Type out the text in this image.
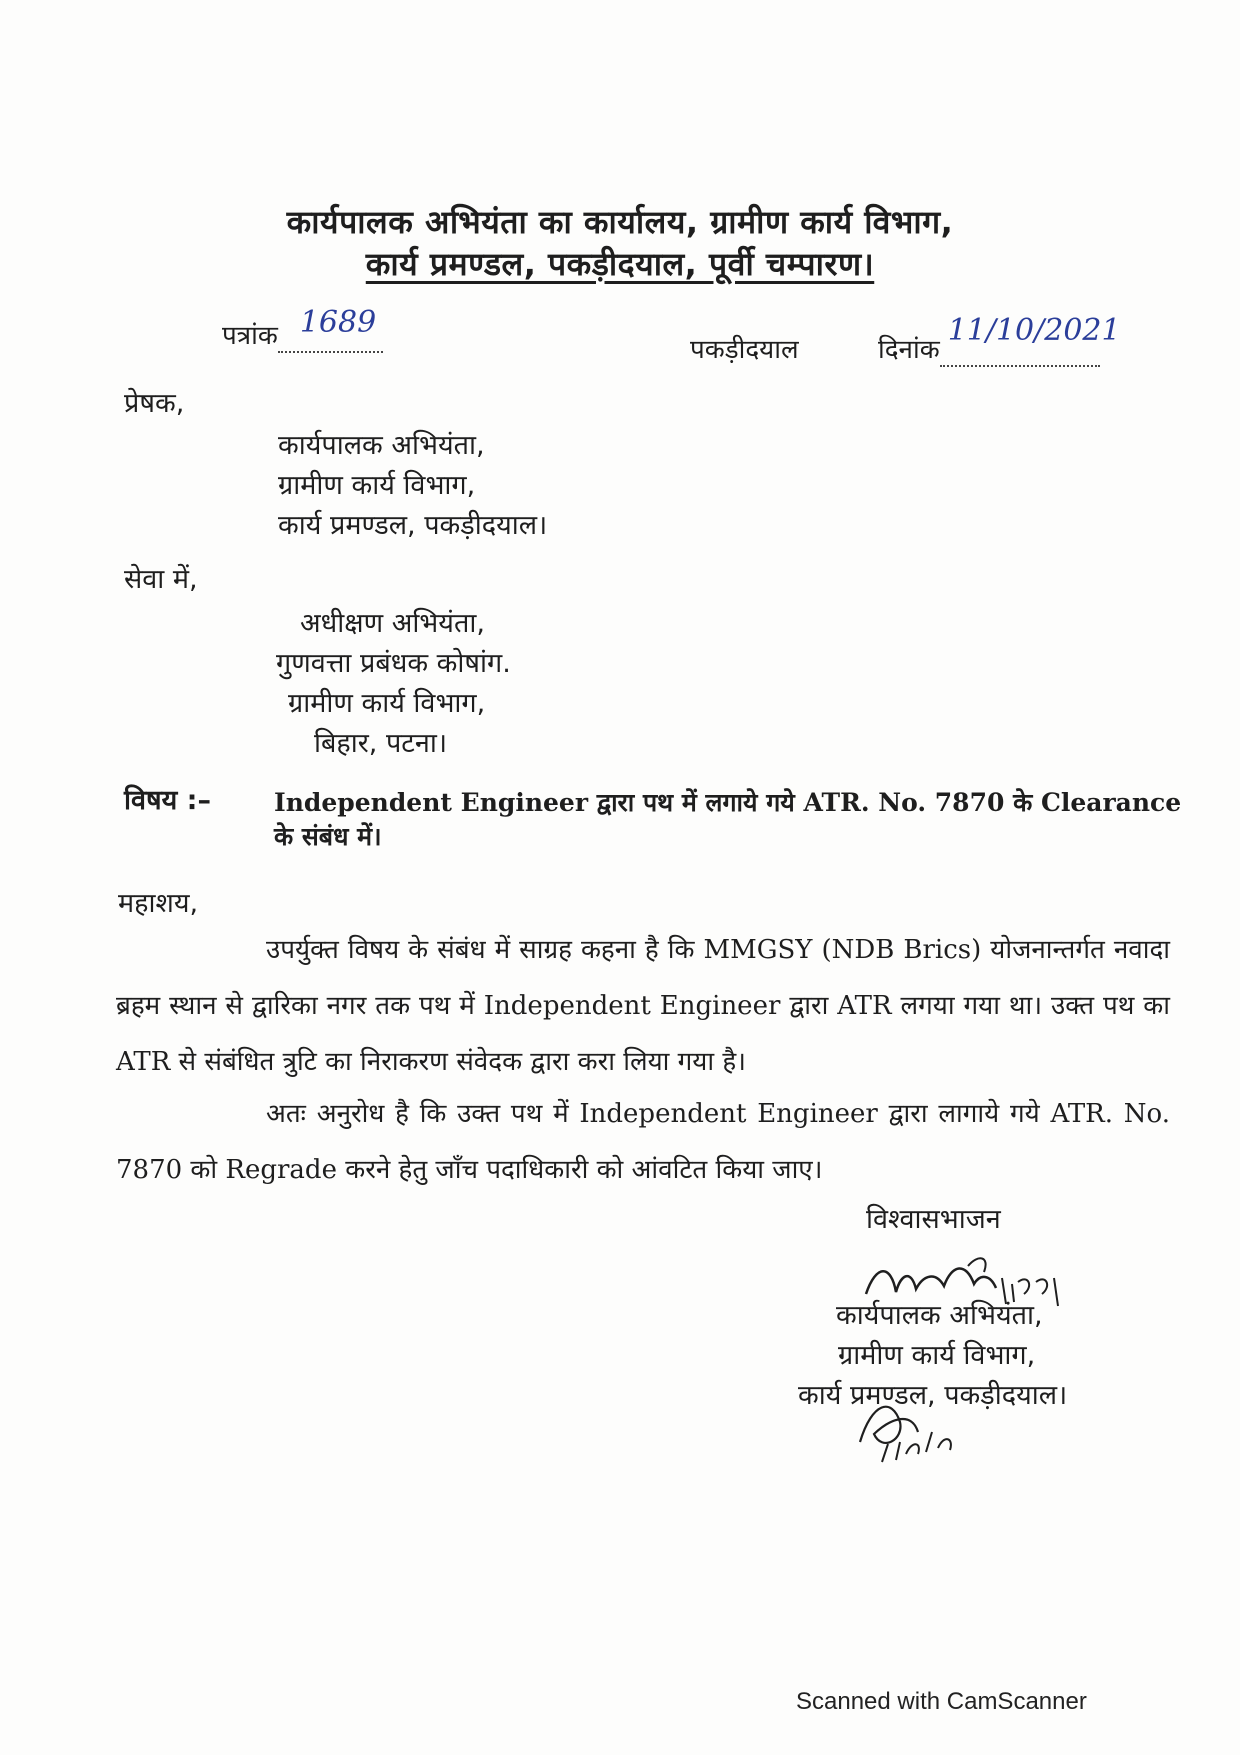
कार्यपालक अभियंता का कार्यालय, ग्रामीण कार्य विभाग,
कार्य प्रमण्डल, पकड़ीदयाल, पूर्वी चम्पारण।
पत्रांक 1689

पकड़ीदयाल	दिनांक
11/10/2021

प्रेषक,
कार्यपालक अभियंता,
ग्रामीण कार्य विभाग,
कार्य प्रमण्डल, पकड़ीदयाल।
सेवा में,
अधीक्षण अभियंता,
गुणवत्ता प्रबंधक कोषांग.
ग्रामीण कार्य विभाग,
बिहार, पटना।
विषय :–	Independent Engineer द्वारा पथ में लगाये गये ATR. No. 7870 के Clearance के संबंध में।
महाशय,
उपर्युक्त विषय के संबंध में साग्रह कहना है कि MMGSY (NDB Brics) योजनान्तर्गत नवादा ब्रहम स्थान से द्वारिका नगर तक पथ में Independent Engineer द्वारा ATR लगया गया था। उक्त पथ का ATR से संबंधित त्रुटि का निराकरण संवेदक द्वारा करा लिया गया है।
अतः अनुरोध है कि उक्त पथ में Independent Engineer द्वारा लागाये गये ATR. No. 7870 को Regrade करने हेतु जाँच पदाधिकारी को आंवटित किया जाए।
विश्वासभाजन
कार्यपालक अभियंता,
ग्रामीण कार्य विभाग,
कार्य प्रमण्डल, पकड़ीदयाल।
Scanned with CamScanner
